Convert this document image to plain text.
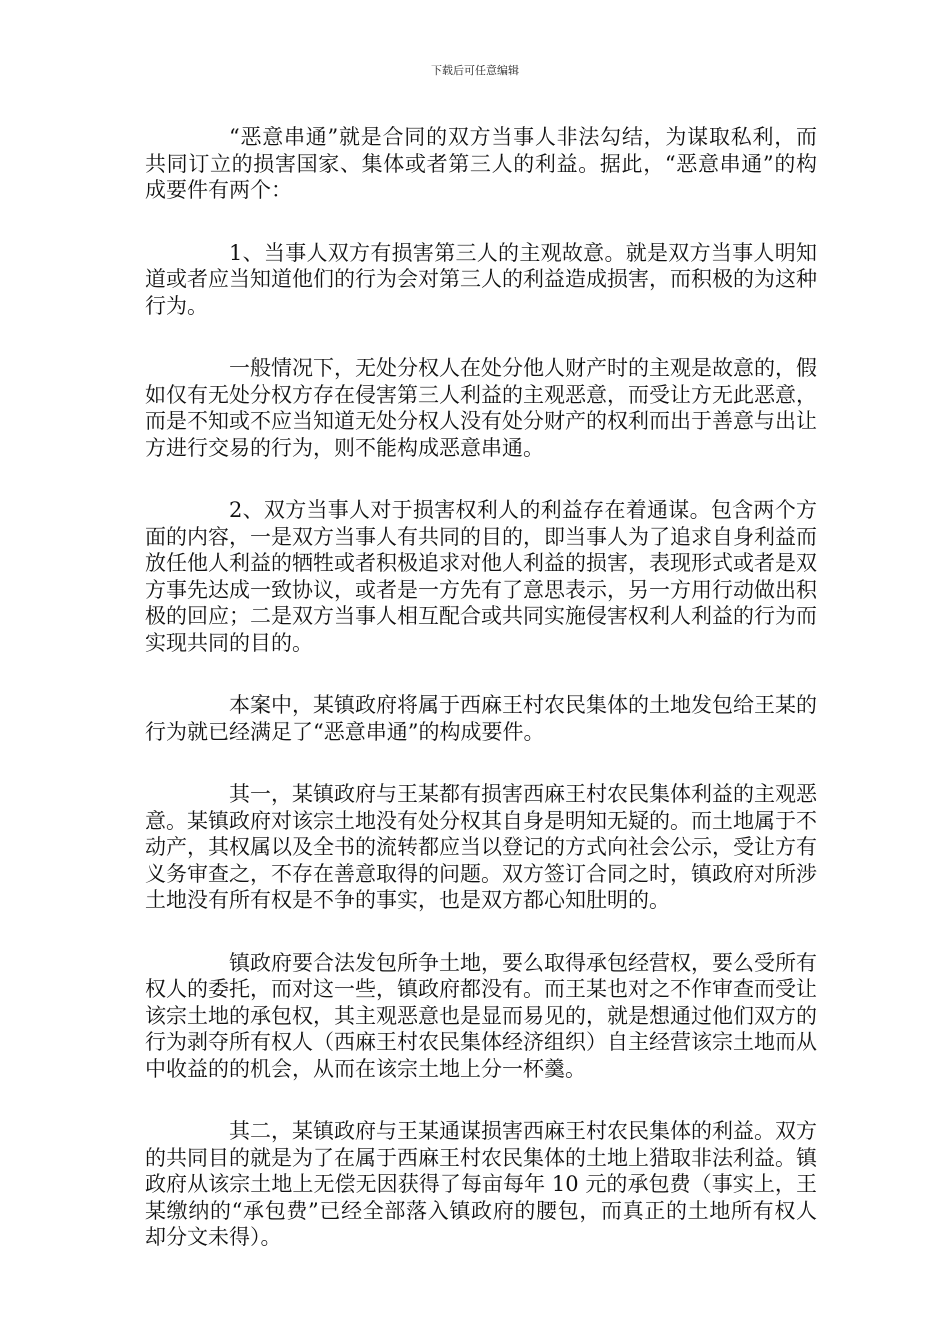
下载后可任意编辑

“恶意串通”就是合同的双方当事人非法勾结，为谋取私利，而共同订立的损害国家、集体或者第三人的利益。据此，“恶意串通”的构成要件有两个：

1、当事人双方有损害第三人的主观故意。就是双方当事人明知道或者应当知道他们的行为会对第三人的利益造成损害，而积极的为这种行为。

一般情况下，无处分权人在处分他人财产时的主观是故意的，假如仅有无处分权方存在侵害第三人利益的主观恶意，而受让方无此恶意，而是不知或不应当知道无处分权人没有处分财产的权利而出于善意与出让方进行交易的行为，则不能构成恶意串通。

2、双方当事人对于损害权利人的利益存在着通谋。包含两个方面的内容，一是双方当事人有共同的目的，即当事人为了追求自身利益而放任他人利益的牺牲或者积极追求对他人利益的损害，表现形式或者是双方事先达成一致协议，或者是一方先有了意思表示，另一方用行动做出积极的回应；二是双方当事人相互配合或共同实施侵害权利人利益的行为而实现共同的目的。

本案中，某镇政府将属于西麻王村农民集体的土地发包给王某的行为就已经满足了“恶意串通”的构成要件。

其一，某镇政府与王某都有损害西麻王村农民集体利益的主观恶意。某镇政府对该宗土地没有处分权其自身是明知无疑的。而土地属于不动产，其权属以及全书的流转都应当以登记的方式向社会公示，受让方有义务审查之，不存在善意取得的问题。双方签订合同之时，镇政府对所涉土地没有所有权是不争的事实，也是双方都心知肚明的。

镇政府要合法发包所争土地，要么取得承包经营权，要么受所有权人的委托，而对这一些，镇政府都没有。而王某也对之不作审查而受让该宗土地的承包权，其主观恶意也是显而易见的，就是想通过他们双方的行为剥夺所有权人（西麻王村农民集体经济组织）自主经营该宗土地而从中收益的的机会，从而在该宗土地上分一杯羹。

其二，某镇政府与王某通谋损害西麻王村农民集体的利益。双方的共同目的就是为了在属于西麻王村农民集体的土地上猎取非法利益。镇政府从该宗土地上无偿无因获得了每亩每年 10 元的承包费（事实上，王某缴纳的“承包费”已经全部落入镇政府的腰包，而真正的土地所有权人却分文未得）。
